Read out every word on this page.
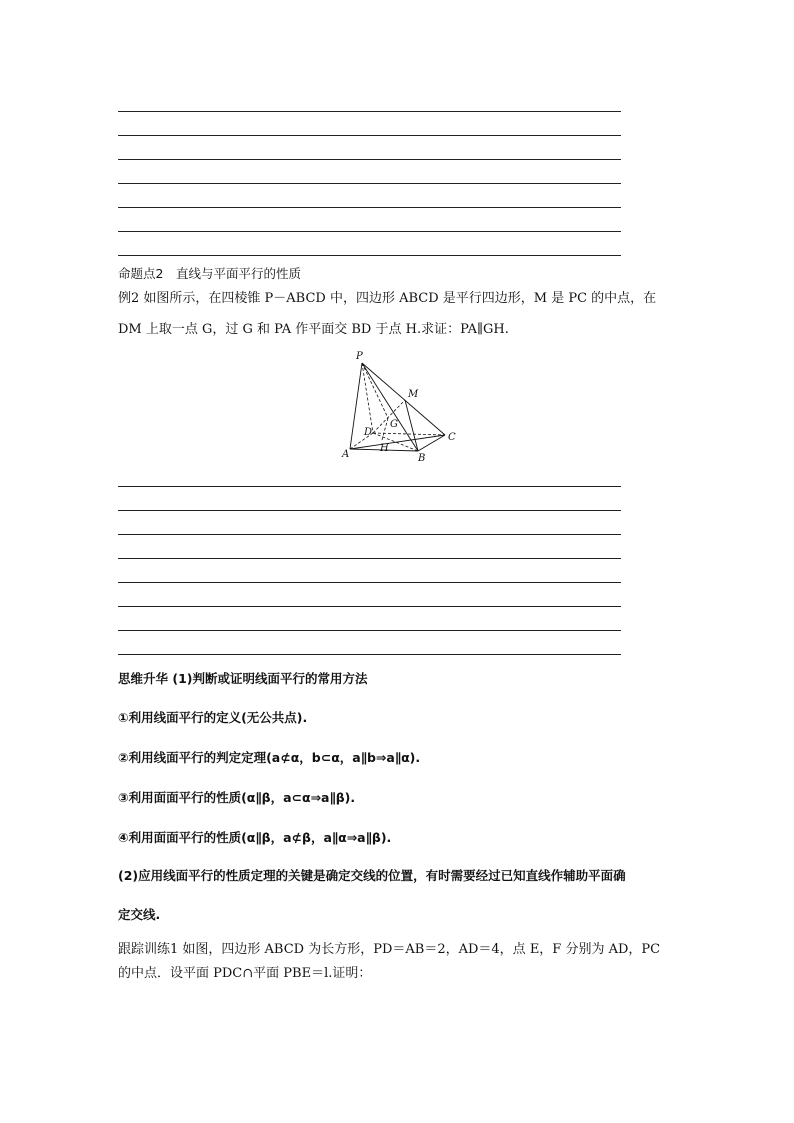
命题点2　直线与平面平行的性质
例2 如图所示，在四棱锥 P－ABCD 中，四边形 ABCD 是平行四边形，M 是 PC 的中点，在
DM 上取一点 G，过 G 和 PA 作平面交 BD 于点 H.求证：PA∥GH.
P
M
G
D	C
A
H
B
思维升华 (1)判断或证明线面平行的常用方法
①利用线面平行的定义(无公共点).
②利用线面平行的判定定理(a⊄α，b⊂α，a∥b⇒a∥α).
③利用面面平行的性质(α∥β，a⊂α⇒a∥β).
④利用面面平行的性质(α∥β，a⊄β，a∥α⇒a∥β).
(2)应用线面平行的性质定理的关键是确定交线的位置，有时需要经过已知直线作辅助平面确
定交线.
跟踪训练1 如图，四边形 ABCD 为长方形，PD＝AB＝2，AD＝4，点 E，F 分别为 AD，PC
的中点．设平面 PDC∩平面 PBE＝l.证明：
